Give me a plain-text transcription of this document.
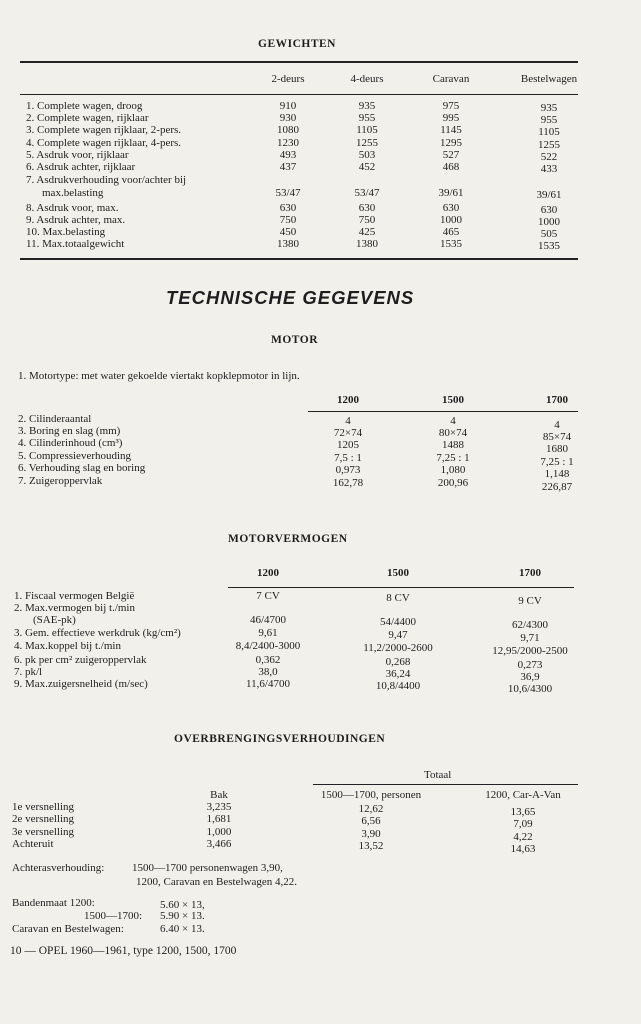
GEWICHTEN
2-deurs	4-deurs	Caravan	Bestelwagen
1. Complete wagen, droog	910	935	975	935
2. Complete wagen, rijklaar	930	955	995	955
3. Complete wagen rijklaar, 2-pers.	1080	1105	1145	1105
4. Complete wagen rijklaar, 4-pers.	1230	1255	1295	1255
5. Asdruk voor, rijklaar	493	503	527	522
6. Asdruk achter, rijklaar	437	452	468	433
7. Asdrukverhouding voor/achter bij
max.belasting	53/47	53/47	39/61	39/61
8. Asdruk voor, max.	630	630	630	630
9. Asdruk achter, max.	750	750	1000	1000
10. Max.belasting	450	425	465	505
11. Max.totaalgewicht	1380	1380	1535	1535
TECHNISCHE GEGEVENS
MOTOR
1. Motortype: met water gekoelde viertakt kopklepmotor in lijn.
1200	1500	1700
2. Cilinderaantal	4	4	4
3. Boring en slag (mm)	72×74	80×74	85×74
4. Cilinderinhoud (cm³)	1205	1488	1680
5. Compressieverhouding	7,5 : 1	7,25 : 1	7,25 : 1
6. Verhouding slag en boring	0,973	1,080	1,148
7. Zuigeroppervlak	162,78	200,96	226,87
MOTORVERMOGEN
1200	1500	1700
1. Fiscaal vermogen België	7 CV	8 CV	9 CV
2. Max.vermogen bij t./min
(SAE-pk)	46/4700	54/4400	62/4300
3. Gem. effectieve werkdruk (kg/cm²)	9,61	9,47	9,71
4. Max.koppel bij t./min	8,4/2400-3000	11,2/2000-2600	12,95/2000-2500
6. pk per cm² zuigeroppervlak	0,362	0,268	0,273
7. pk/l	38,0	36,24	36,9
9. Max.zuigersnelheid (m/sec)	11,6/4700	10,8/4400	10,6/4300
OVERBRENGINGSVERHOUDINGEN
Totaal
Bak	1500—1700, personen	1200, Car-A-Van
1e versnelling	3,235	12,62	13,65
2e versnelling	1,681	6,56	7,09
3e versnelling	1,000	3,90	4,22
Achteruit	3,466	13,52	14,63
Achterasverhouding:	1500—1700 personenwagen 3,90,
1200, Caravan en Bestelwagen 4,22.
Bandenmaat 1200:	5.60 × 13,
1500—1700: 5.90 × 13.
Caravan en Bestelwagen:	6.40 × 13.
10 — OPEL 1960—1961, type 1200, 1500, 1700
